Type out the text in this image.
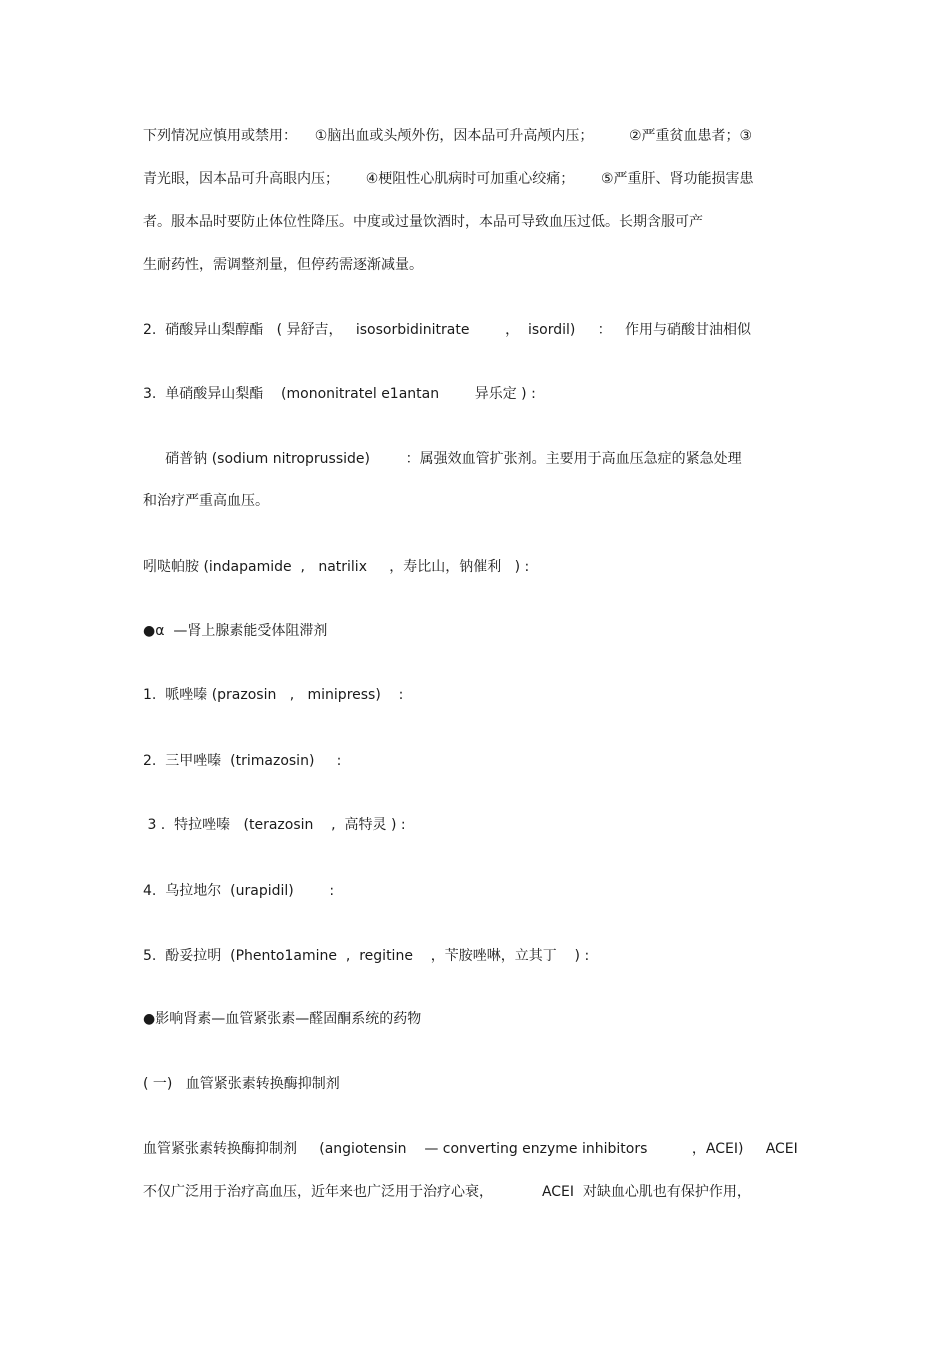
下列情况应慎用或禁用：    ①脑出血或头颅外伤，因本品可升高颅内压；        ②严重贫血患者；③
青光眼，因本品可升高眼内压；      ④梗阻性心肌病时可加重心绞痛；      ⑤严重肝、肾功能损害患
者。服本品时要防止体位性降压。中度或过量饮酒时，本品可导致血压过低。长期含服可产
生耐药性，需调整剂量，但停药需逐渐减量。
2.  硝酸异山梨醇酯   ( 异舒吉，   isosorbidinitrate        ，  isordil)     ：   作用与硝酸甘油相似
3.  单硝酸异山梨酯    (mononitratel e1antan        异乐定 ) :
硝普钠 (sodium nitroprusside)        ：属强效血管扩张剂。主要用于高血压急症的紧急处理
和治疗严重高血压。
吲哒帕胺 (indapamide  ,   natrilix     ，寿比山，钠催利   ) :
●α  —肾上腺素能受体阻滞剂
1.  哌唑嗪 (prazosin   ,   minipress)    :
2.  三甲唑嗪  (trimazosin)     :
3 .  特拉唑嗪   (terazosin    ,  高特灵 ) :
4.  乌拉地尔  (urapidil)        :
5.  酚妥拉明  (Phento1amine  ,  regitine    ，苄胺唑啉，立其丁    ) :
●影响肾素—血管紧张素—醛固酮系统的药物
( 一)   血管紧张素转换酶抑制剂
血管紧张素转换酶抑制剂     (angiotensin    — converting enzyme inhibitors          ，ACEI)     ACEI
不仅广泛用于治疗高血压，近年来也广泛用于治疗心衰，           ACEI  对缺血心肌也有保护作用，
